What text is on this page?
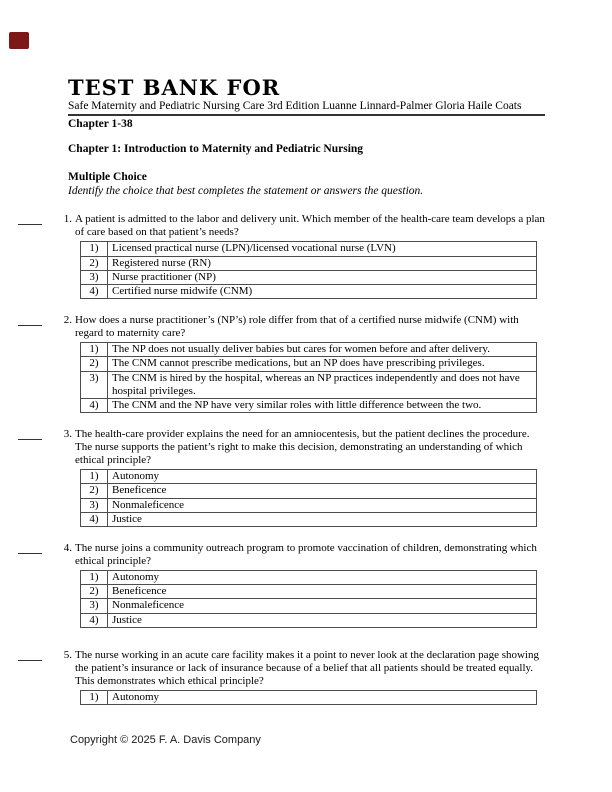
TEST BANK FOR
Safe Maternity and Pediatric Nursing Care 3rd Edition Luanne Linnard-Palmer Gloria Haile Coats
Chapter 1-38
Chapter 1: Introduction to Maternity and Pediatric Nursing
Multiple Choice
Identify the choice that best completes the statement or answers the question.
1. A patient is admitted to the labor and delivery unit. Which member of the health-care team develops a plan of care based on that patient’s needs?
1)	Licensed practical nurse (LPN)/licensed vocational nurse (LVN)
2)	Registered nurse (RN)
3)	Nurse practitioner (NP)
4)	Certified nurse midwife (CNM)
2. How does a nurse practitioner’s (NP’s) role differ from that of a certified nurse midwife (CNM) with regard to maternity care?
1)	The NP does not usually deliver babies but cares for women before and after delivery.
2)	The CNM cannot prescribe medications, but an NP does have prescribing privileges.
3)	The CNM is hired by the hospital, whereas an NP practices independently and does not have hospital privileges.
4)	The CNM and the NP have very similar roles with little difference between the two.
3. The health-care provider explains the need for an amniocentesis, but the patient declines the procedure. The nurse supports the patient’s right to make this decision, demonstrating an understanding of which ethical principle?
1)	Autonomy
2)	Beneficence
3)	Nonmaleficence
4)	Justice
4. The nurse joins a community outreach program to promote vaccination of children, demonstrating which ethical principle?
1)	Autonomy
2)	Beneficence
3)	Nonmaleficence
4)	Justice
5. The nurse working in an acute care facility makes it a point to never look at the declaration page showing the patient’s insurance or lack of insurance because of a belief that all patients should be treated equally. This demonstrates which ethical principle?
1)	Autonomy
Copyright © 2025 F. A. Davis Company
